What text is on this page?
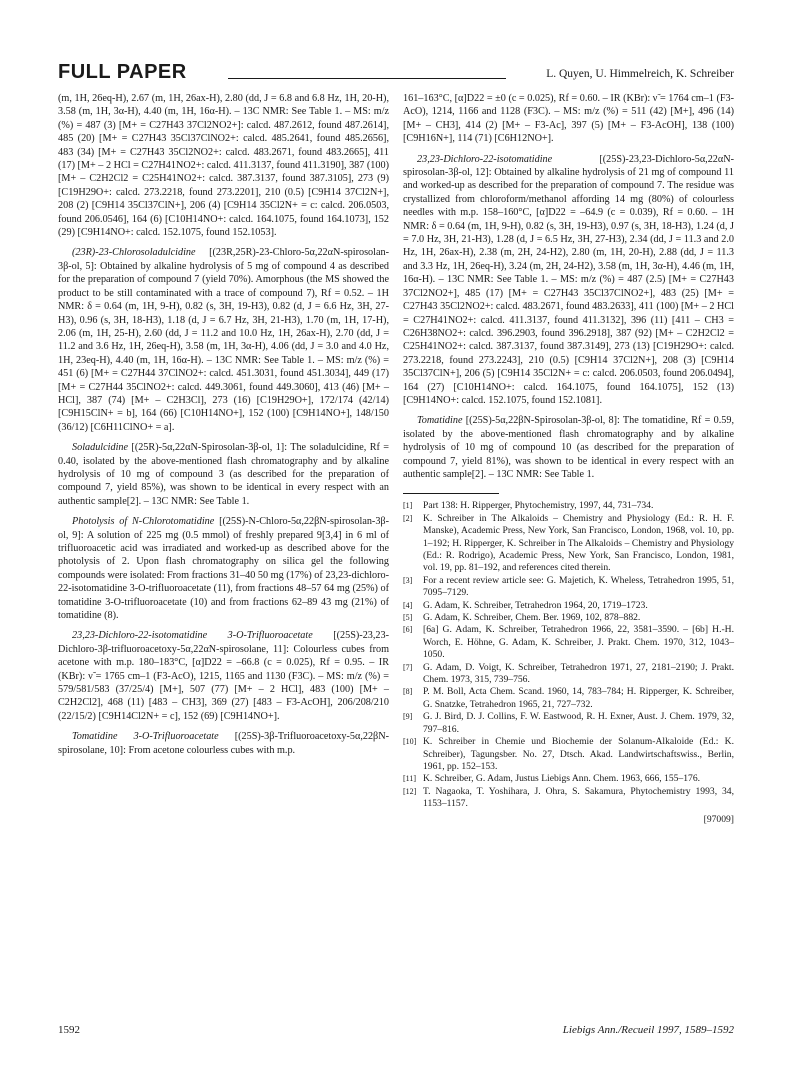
FULL PAPER	L. Quyen, U. Himmelreich, K. Schreiber

(m, 1H, 26eq-H), 2.67 (m, 1H, 26ax-H), 2.80 (dd, J = 6.8 and 6.8 Hz, 1H, 20-H), 3.58 (m, 1H, 3α-H), 4.40 (m, 1H, 16α-H). – 13C NMR: See Table 1. – MS: m/z (%) = 487 (3) [M+ = C27H43 37Cl2NO2+]: calcd. 487.2612, found 487.2614], 485 (20) [M+ = C27H43 35Cl37ClNO2+: calcd. 485.2641, found 485.2656], 483 (34) [M+ = C27H43 35Cl2NO2+: calcd. 483.2671, found 483.2665], 411 (17) [M+ – 2 HCl = C27H41NO2+: calcd. 411.3137, found 411.3190], 387 (100) [M+ – C2H2Cl2 = C25H41NO2+: calcd. 387.3137, found 387.3105], 273 (9) [C19H29O+: calcd. 273.2218, found 273.2201], 210 (0.5) [C9H14 37Cl2N+], 208 (2) [C9H14 35Cl37ClN+], 206 (4) [C9H14 35Cl2N+ = c: calcd. 206.0503, found 206.0546], 164 (6) [C10H14NO+: calcd. 164.1075, found 164.1073], 152 (29) [C9H14NO+: calcd. 152.1075, found 152.1053].

(23R)-23-Chlorosoladulcidine [(23R,25R)-23-Chloro-5α,22αN-spirosolan-3β-ol, 5]: Obtained by alkaline hydrolysis of 5 mg of compound 4 as described for the preparation of compound 7 (yield 70%). Amorphous (the MS showed the product to be still contaminated with a trace of compound 7), Rf = 0.52. – 1H NMR: δ = 0.64 (m, 1H, 9-H), 0.82 (s, 3H, 19-H3), 0.82 (d, J = 6.6 Hz, 3H, 27-H3), 0.96 (s, 3H, 18-H3), 1.18 (d, J = 6.7 Hz, 3H, 21-H3), 1.70 (m, 1H, 17-H), 2.06 (m, 1H, 25-H), 2.60 (dd, J = 11.2 and 10.0 Hz, 1H, 26ax-H), 2.70 (dd, J = 11.2 and 3.6 Hz, 1H, 26eq-H), 3.58 (m, 1H, 3α-H), 4.06 (dd, J = 3.0 and 4.0 Hz, 1H, 23eq-H), 4.40 (m, 1H, 16α-H). – 13C NMR: See Table 1. – MS: m/z (%) = 451 (6) [M+ = C27H44 37ClNO2+: calcd. 451.3031, found 451.3034], 449 (17) [M+ = C27H44 35ClNO2+: calcd. 449.3061, found 449.3060], 413 (46) [M+ – HCl], 387 (74) [M+ – C2H3Cl], 273 (16) [C19H29O+], 172/174 (42/14) [C9H15ClN+ = b], 164 (66) [C10H14NO+], 152 (100) [C9H14NO+], 148/150 (36/12) [C6H11ClNO+ = a].

Soladulcidine [(25R)-5α,22αN-Spirosolan-3β-ol, 1]: The soladulcidine, Rf = 0.40, isolated by the above-mentioned flash chromatography and by alkaline hydrolysis of 10 mg of compound 3 (as described for the preparation of compound 7, yield 85%), was shown to be identical in every respect with an authentic sample[2]. – 13C NMR: See Table 1.

Photolysis of N-Chlorotomatidine [(25S)-N-Chloro-5α,22βN-spirosolan-3β-ol, 9]: A solution of 225 mg (0.5 mmol) of freshly prepared 9[3,4] in 6 ml of trifluoroacetic acid was irradiated and worked-up as described above for the photolysis of 2. Upon flash chromatography on silica gel the following compounds were isolated: From fractions 31–40 50 mg (17%) of 23,23-dichloro-22-isotomatidine 3-O-trifluoroacetate (11), from fractions 48–57 64 mg (25%) of tomatidine 3-O-trifluoroacetate (10) and from fractions 62–89 43 mg (21%) of tomatidine (8).

23,23-Dichloro-22-isotomatidine 3-O-Trifluoroacetate [(25S)-23,23-Dichloro-3β-trifluoroacetoxy-5α,22αN-spirosolane, 11]: Colourless cubes from acetone with m.p. 180–183°C, [α]D22 = –66.8 (c = 0.025), Rf = 0.95. – IR (KBr): ν̃ = 1765 cm–1 (F3-AcO), 1215, 1165 and 1130 (F3C). – MS: m/z (%) = 579/581/583 (37/25/4) [M+], 507 (77) [M+ – 2 HCl], 483 (100) [M+ – C2H2Cl2], 468 (11) [483 – CH3], 369 (27) [483 – F3-AcOH], 206/208/210 (22/15/2) [C9H14Cl2N+ = c], 152 (69) [C9H14NO+].

Tomatidine 3-O-Trifluoroacetate [(25S)-3β-Trifluoroacetoxy-5α,22βN-spirosolane, 10]: From acetone colourless cubes with m.p.

161–163°C, [α]D22 = ±0 (c = 0.025), Rf = 0.60. – IR (KBr): ν̃ = 1764 cm–1 (F3-AcO), 1214, 1166 and 1128 (F3C). – MS: m/z (%) = 511 (42) [M+], 496 (14) [M+ – CH3], 414 (2) [M+ – F3-Ac], 397 (5) [M+ – F3-AcOH], 138 (100) [C9H16N+], 114 (71) [C6H12NO+].

23,23-Dichloro-22-isotomatidine	[(25S)-23,23-Dichloro-5α,22αN-spirosolan-3β-ol, 12]: Obtained by alkaline hydrolysis of 21 mg of compound 11 and worked-up as described for the preparation of compound 7. The residue was crystallized from chloroform/methanol affording 14 mg (80%) of colourless needles with m.p. 158–160°C, [α]D22 = –64.9 (c = 0.039), Rf = 0.60. – 1H NMR: δ = 0.64 (m, 1H, 9-H), 0.82 (s, 3H, 19-H3), 0.97 (s, 3H, 18-H3), 1.24 (d, J = 7.0 Hz, 3H, 21-H3), 1.28 (d, J = 6.5 Hz, 3H, 27-H3), 2.34 (dd, J = 11.3 and 2.0 Hz, 1H, 26ax-H), 2.38 (m, 2H, 24-H2), 2.80 (m, 1H, 20-H), 2.88 (dd, J = 11.3 and 3.3 Hz, 1H, 26eq-H), 3.24 (m, 2H, 24-H2), 3.58 (m, 1H, 3α-H), 4.46 (m, 1H, 16α-H). – 13C NMR: See Table 1. – MS: m/z (%) = 487 (2.5) [M+ = C27H43 37Cl2NO2+], 485 (17) [M+ = C27H43 35Cl37ClNO2+], 483 (25) [M+ = C27H43 35Cl2NO2+: calcd. 483.2671, found 483.2633], 411 (100) [M+ – 2 HCl = C27H41NO2+: calcd. 411.3137, found 411.3132], 396 (11) [411 – CH3 = C26H38NO2+: calcd. 396.2903, found 396.2918], 387 (92) [M+ – C2H2Cl2 = C25H41NO2+: calcd. 387.3137, found 387.3149], 273 (13) [C19H29O+: calcd. 273.2218, found 273.2243], 210 (0.5) [C9H14 37Cl2N+], 208 (3) [C9H14 35Cl37ClN+], 206 (5) [C9H14 35Cl2N+ = c: calcd. 206.0503, found 206.0494], 164 (27) [C10H14NO+: calcd. 164.1075, found 164.1075], 152 (13) [C9H14NO+: calcd. 152.1075, found 152.1081].

Tomatidine [(25S)-5α,22βN-Spirosolan-3β-ol, 8]: The tomatidine, Rf = 0.59, isolated by the above-mentioned flash chromatography and by alkaline hydrolysis of 10 mg of compound 10 (as described for the preparation of compound 7, yield 81%), was shown to be identical in every respect with an authentic sample[2]. – 13C NMR: See Table 1.

[1] Part 138: H. Ripperger, Phytochemistry, 1997, 44, 731–734.
[2] K. Schreiber in The Alkaloids – Chemistry and Physiology (Ed.: R. H. F. Manske), Academic Press, New York, San Francisco, London, 1968, vol. 10, pp. 1–192; H. Ripperger, K. Schreiber in The Alkaloids – Chemistry and Physiology (Ed.: R. Rodrigo), Academic Press, New York, San Francisco, London, 1981, vol. 19, pp. 81–192, and references cited therein.
[3] For a recent review article see: G. Majetich, K. Wheless, Tetrahedron 1995, 51, 7095–7129.
[4] G. Adam, K. Schreiber, Tetrahedron 1964, 20, 1719–1723.
[5] G. Adam, K. Schreiber, Chem. Ber. 1969, 102, 878–882.
[6] [6a] G. Adam, K. Schreiber, Tetrahedron 1966, 22, 3581–3590. – [6b] H.-H. Worch, E. Höhne, G. Adam, K. Schreiber, J. Prakt. Chem. 1970, 312, 1043–1050.
[7] G. Adam, D. Voigt, K. Schreiber, Tetrahedron 1971, 27, 2181–2190; J. Prakt. Chem. 1973, 315, 739–756.
[8] P. M. Boll, Acta Chem. Scand. 1960, 14, 783–784; H. Ripperger, K. Schreiber, G. Snatzke, Tetrahedron 1965, 21, 727–732.
[9] G. J. Bird, D. J. Collins, F. W. Eastwood, R. H. Exner, Aust. J. Chem. 1979, 32, 797–816.
[10] K. Schreiber in Chemie und Biochemie der Solanum-Alkaloide (Ed.: K. Schreiber), Tagungsber. No. 27, Dtsch. Akad. Landwirtschaftswiss., Berlin, 1961, pp. 152–153.
[11] K. Schreiber, G. Adam, Justus Liebigs Ann. Chem. 1963, 666, 155–176.
[12] T. Nagaoka, T. Yoshihara, J. Ohra, S. Sakamura, Phytochemistry 1993, 34, 1153–1157.
[97009]
1592	Liebigs Ann./Recueil 1997, 1589–1592
